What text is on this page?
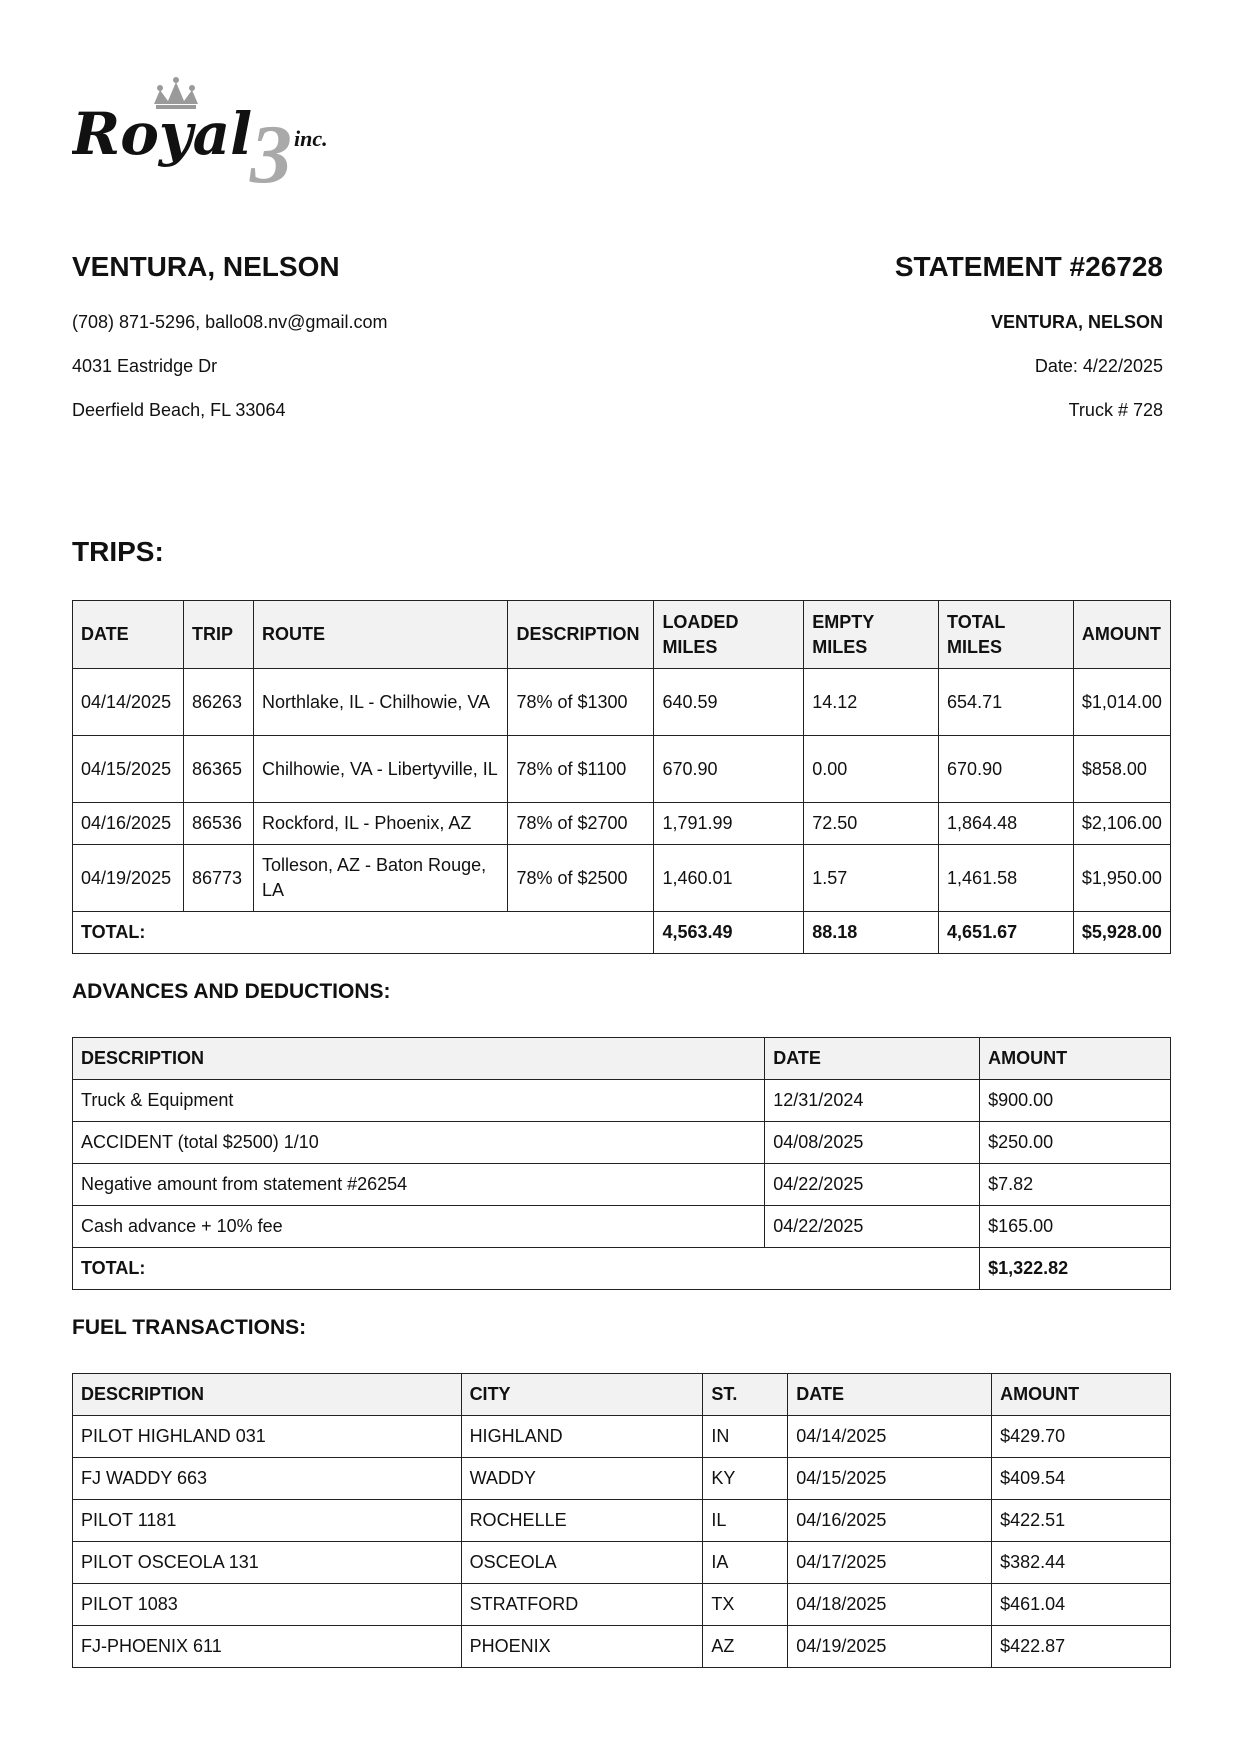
3
Royal inc.

VENTURA, NELSON

(708) 871-5296, ballo08.nv@gmail.com
4031 Eastridge Dr
Deerfield Beach, FL 33064

STATEMENT #26728

VENTURA, NELSON
Date: 4/22/2025
Truck # 728
TRIPS:
DATE	TRIP	ROUTE	DESCRIPTION	LOADED MILES	EMPTY MILES	TOTAL MILES	AMOUNT
04/14/2025	86263	Northlake, IL - Chilhowie, VA	78% of $1300	640.59	14.12	654.71	$1,014.00
04/15/2025	86365	Chilhowie, VA - Libertyville, IL	78% of $1100	670.90	0.00	670.90	$858.00
04/16/2025	86536	Rockford, IL - Phoenix, AZ	78% of $2700	1,791.99	72.50	1,864.48	$2,106.00
04/19/2025	86773	Tolleson, AZ - Baton Rouge, LA	78% of $2500	1,460.01	1.57	1,461.58	$1,950.00
TOTAL:				4,563.49	88.18	4,651.67	$5,928.00
ADVANCES AND DEDUCTIONS:
DESCRIPTION	DATE	AMOUNT
Truck & Equipment	12/31/2024	$900.00
ACCIDENT (total $2500) 1/10	04/08/2025	$250.00
Negative amount from statement #26254	04/22/2025	$7.82
Cash advance + 10% fee	04/22/2025	$165.00
TOTAL:		$1,322.82
FUEL TRANSACTIONS:
DESCRIPTION	CITY	ST.	DATE	AMOUNT
PILOT HIGHLAND 031	HIGHLAND	IN	04/14/2025	$429.70
FJ WADDY 663	WADDY	KY	04/15/2025	$409.54
PILOT 1181	ROCHELLE	IL	04/16/2025	$422.51
PILOT OSCEOLA 131	OSCEOLA	IA	04/17/2025	$382.44
PILOT 1083	STRATFORD	TX	04/18/2025	$461.04
FJ-PHOENIX 611	PHOENIX	AZ	04/19/2025	$422.87
